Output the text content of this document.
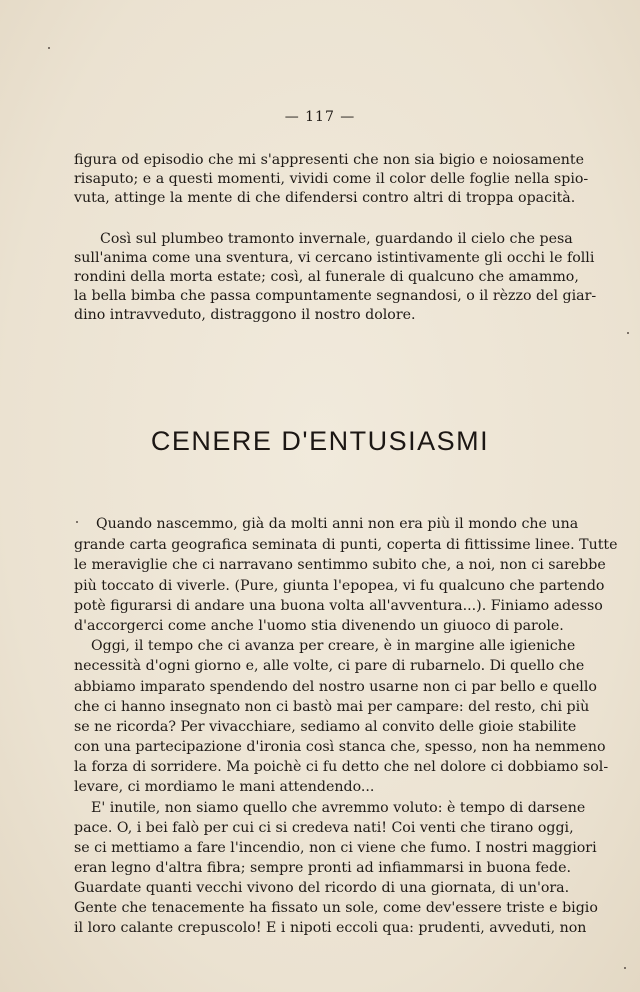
— 117 —
figura od episodio che mi s'appresenti che non sia bigio e noiosamente
risaputo; e a questi momenti, vividi come il color delle foglie nella spio-
vuta, attinge la mente di che difendersi contro altri di troppa opacità.
Così sul plumbeo tramonto invernale, guardando il cielo che pesa
sull'anima come una sventura, vi cercano istintivamente gli occhi le folli
rondini della morta estate; così, al funerale di qualcuno che amammo,
la bella bimba che passa compuntamente segnandosi, o il rèzzo del giar-
dino intravveduto, distraggono il nostro dolore.
CENERE D'ENTUSIASMI
Quando nascemmo, già da molti anni non era più il mondo che una
grande carta geografica seminata di punti, coperta di fittissime linee. Tutte
le meraviglie che ci narravano sentimmo subito che, a noi, non ci sarebbe
più toccato di viverle. (Pure, giunta l'epopea, vi fu qualcuno che partendo
potè figurarsi di andare una buona volta all'avventura...). Finiamo adesso
d'accorgerci come anche l'uomo stia divenendo un giuoco di parole.
Oggi, il tempo che ci avanza per creare, è in margine alle igieniche
necessità d'ogni giorno e, alle volte, ci pare di rubarnelo. Di quello che
abbiamo imparato spendendo del nostro usarne non ci par bello e quello
che ci hanno insegnato non ci bastò mai per campare: del resto, chi più
se ne ricorda? Per vivacchiare, sediamo al convito delle gioie stabilite
con una partecipazione d'ironia così stanca che, spesso, non ha nemmeno
la forza di sorridere. Ma poichè ci fu detto che nel dolore ci dobbiamo sol-
levare, ci mordiamo le mani attendendo...
E' inutile, non siamo quello che avremmo voluto: è tempo di darsene
pace. O, i bei falò per cui ci si credeva nati! Coi venti che tirano oggi,
se ci mettiamo a fare l'incendio, non ci viene che fumo. I nostri maggiori
eran legno d'altra fibra; sempre pronti ad infiammarsi in buona fede.
Guardate quanti vecchi vivono del ricordo di una giornata, di un'ora.
Gente che tenacemente ha fissato un sole, come dev'essere triste e bigio
il loro calante crepuscolo! E i nipoti eccoli qua: prudenti, avveduti, non
